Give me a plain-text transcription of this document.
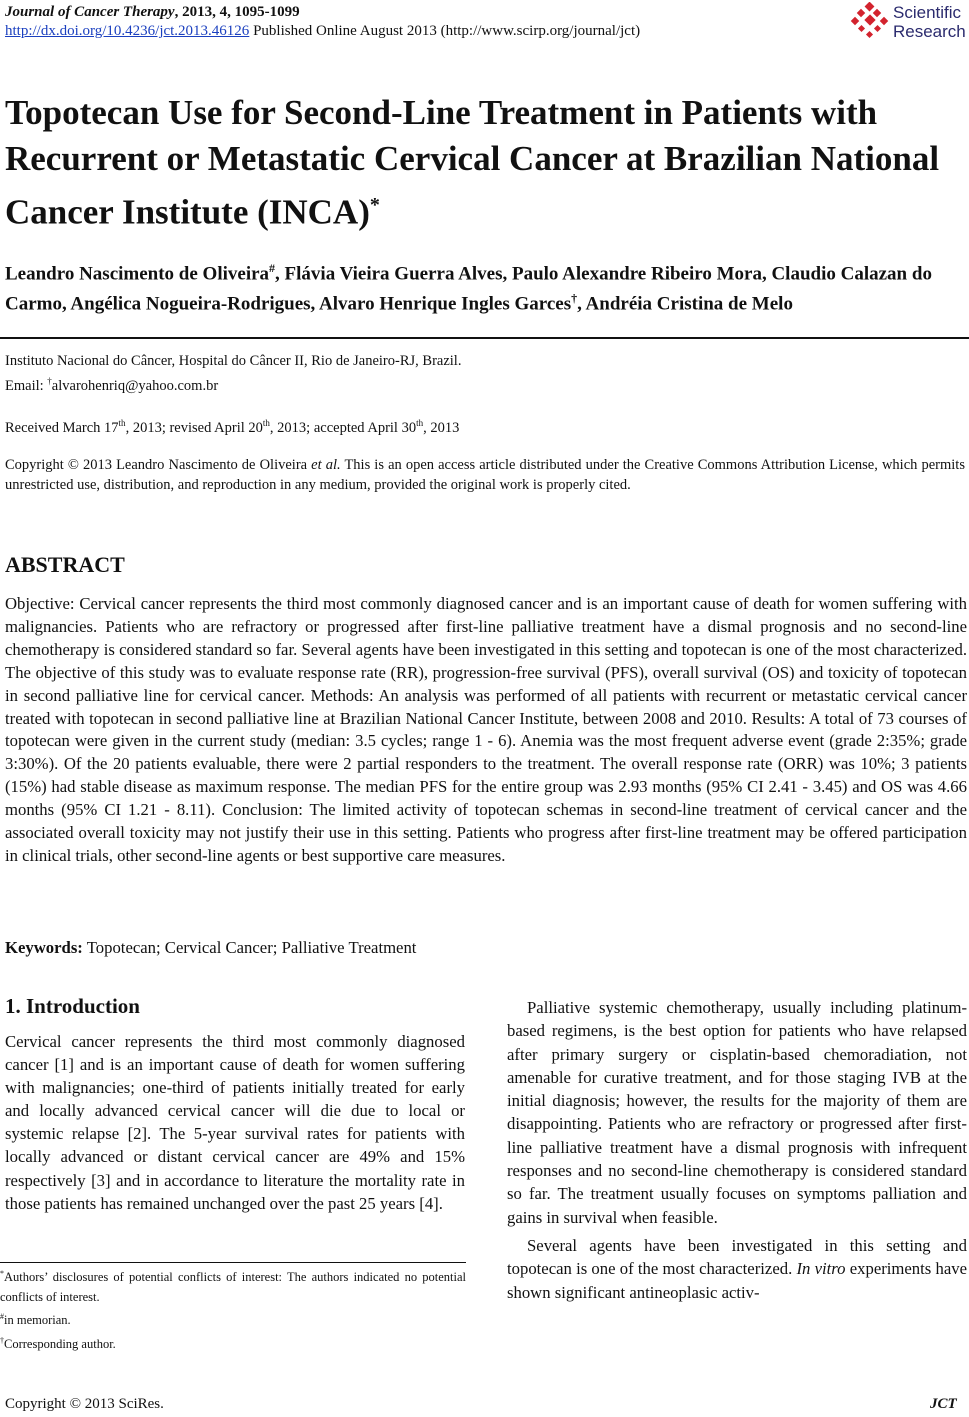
Journal of Cancer Therapy, 2013, 4, 1095-1099
http://dx.doi.org/10.4236/jct.2013.46126 Published Online August 2013 (http://www.scirp.org/journal/jct)
Scientific
Research
Topotecan Use for Second-Line Treatment in Patients with Recurrent or Metastatic Cervical Cancer at Brazilian National Cancer Institute (INCA)*
Leandro Nascimento de Oliveira#, Flávia Vieira Guerra Alves, Paulo Alexandre Ribeiro Mora, Claudio Calazan do Carmo, Angélica Nogueira-Rodrigues, Alvaro Henrique Ingles Garces†, Andréia Cristina de Melo
Instituto Nacional do Câncer, Hospital do Câncer II, Rio de Janeiro-RJ, Brazil.
Email: †alvarohenriq@yahoo.com.br
Received March 17th, 2013; revised April 20th, 2013; accepted April 30th, 2013
Copyright © 2013 Leandro Nascimento de Oliveira et al. This is an open access article distributed under the Creative Commons Attribution License, which permits unrestricted use, distribution, and reproduction in any medium, provided the original work is properly cited.
ABSTRACT
Objective: Cervical cancer represents the third most commonly diagnosed cancer and is an important cause of death for women suffering with malignancies. Patients who are refractory or progressed after first-line palliative treatment have a dismal prognosis and no second-line chemotherapy is considered standard so far. Several agents have been investigated in this setting and topotecan is one of the most characterized. The objective of this study was to evaluate response rate (RR), progression-free survival (PFS), overall survival (OS) and toxicity of topotecan in second palliative line for cervical cancer. Methods: An analysis was performed of all patients with recurrent or metastatic cervical cancer treated with topotecan in second palliative line at Brazilian National Cancer Institute, between 2008 and 2010. Results: A total of 73 courses of topotecan were given in the current study (median: 3.5 cycles; range 1 - 6). Anemia was the most frequent adverse event (grade 2:35%; grade 3:30%). Of the 20 patients evaluable, there were 2 partial responders to the treatment. The overall response rate (ORR) was 10%; 3 patients (15%) had stable disease as maximum response. The median PFS for the entire group was 2.93 months (95% CI 2.41 - 3.45) and OS was 4.66 months (95% CI 1.21 - 8.11). Conclusion: The limited activity of topotecan schemas in second-line treatment of cervical cancer and the associated overall toxicity may not justify their use in this setting. Patients who progress after first-line treatment may be offered participation in clinical trials, other second-line agents or best supportive care measures.
Keywords: Topotecan; Cervical Cancer; Palliative Treatment
1. Introduction

Cervical cancer represents the third most commonly diagnosed cancer [1] and is an important cause of death for women suffering with malignancies; one-third of patients initially treated for early and locally advanced cervical cancer will die due to local or systemic relapse [2]. The 5-year survival rates for patients with locally advanced or distant cervical cancer are 49% and 15% respectively [3] and in accordance to literature the mortality rate in those patients has remained unchanged over the past 25 years [4].

*Authors’ disclosures of potential conflicts of interest: The authors indicated no potential conflicts of interest.
#in memorian.
†Corresponding author.

Palliative systemic chemotherapy, usually including platinum-based regimens, is the best option for patients who have relapsed after primary surgery or cisplatin-based chemoradiation, not amenable for curative treatment, and for those staging IVB at the initial diagnosis; however, the results for the majority of them are disappointing. Patients who are refractory or progressed after first-line palliative treatment have a dismal prognosis with infrequent responses and no second-line chemotherapy is considered standard so far. The treatment usually focuses on symptoms palliation and gains in survival when feasible.

Several agents have been investigated in this setting and topotecan is one of the most characterized. In vitro experiments have shown significant antineoplasic activ-

Copyright © 2013 SciRes.	JCT
